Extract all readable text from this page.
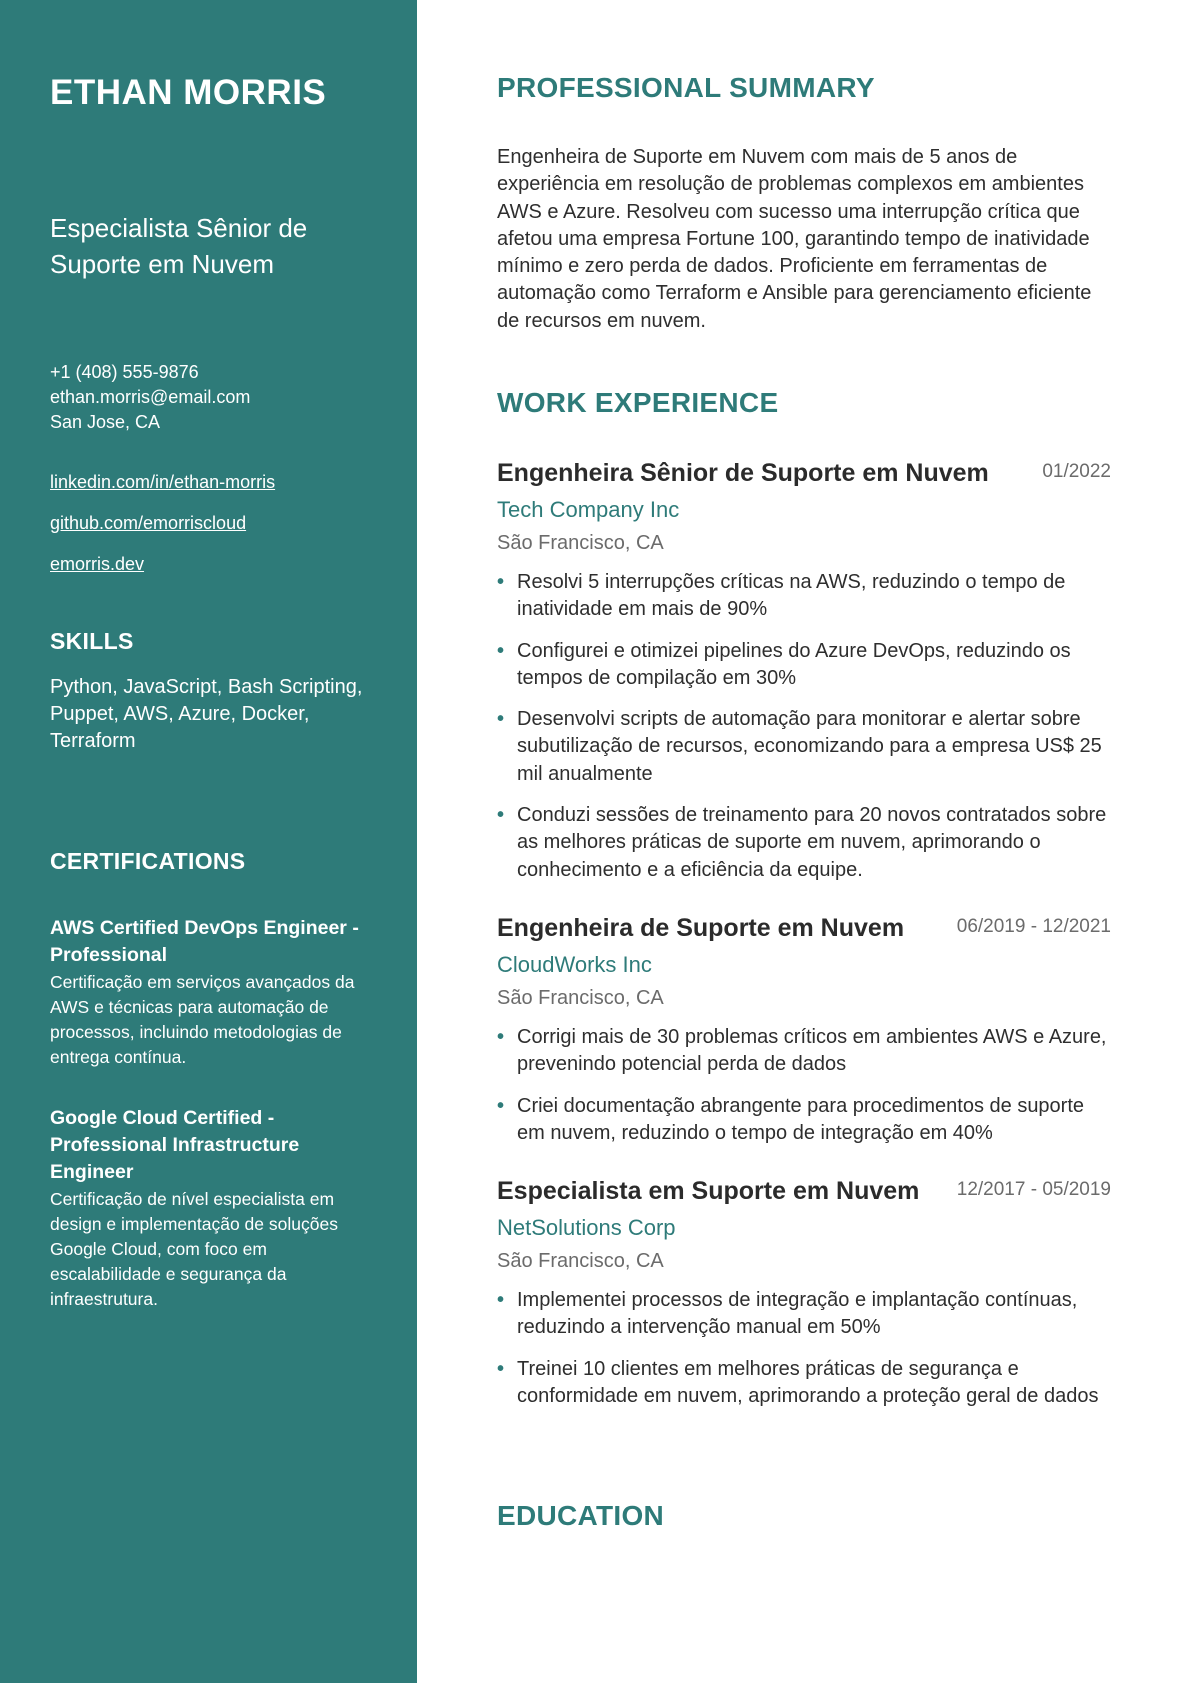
ETHAN MORRIS
Especialista Sênior de Suporte em Nuvem
+1 (408) 555-9876
ethan.morris@email.com
San Jose, CA
linkedin.com/in/ethan-morris
github.com/emorriscloud
emorris.dev
SKILLS
Python, JavaScript, Bash Scripting, Puppet, AWS, Azure, Docker, Terraform
CERTIFICATIONS
AWS Certified DevOps Engineer - Professional
Certificação em serviços avançados da AWS e técnicas para automação de processos, incluindo metodologias de entrega contínua.
Google Cloud Certified - Professional Infrastructure Engineer
Certificação de nível especialista em design e implementação de soluções Google Cloud, com foco em escalabilidade e segurança da infraestrutura.
PROFESSIONAL SUMMARY
Engenheira de Suporte em Nuvem com mais de 5 anos de experiência em resolução de problemas complexos em ambientes AWS e Azure. Resolveu com sucesso uma interrupção crítica que afetou uma empresa Fortune 100, garantindo tempo de inatividade mínimo e zero perda de dados. Proficiente em ferramentas de automação como Terraform e Ansible para gerenciamento eficiente de recursos em nuvem.
WORK EXPERIENCE
Engenheira Sênior de Suporte em Nuvem	01/2022
Tech Company Inc
São Francisco, CA
• Resolvi 5 interrupções críticas na AWS, reduzindo o tempo de inatividade em mais de 90%
• Configurei e otimizei pipelines do Azure DevOps, reduzindo os tempos de compilação em 30%
• Desenvolvi scripts de automação para monitorar e alertar sobre subutilização de recursos, economizando para a empresa US$ 25 mil anualmente
• Conduzi sessões de treinamento para 20 novos contratados sobre as melhores práticas de suporte em nuvem, aprimorando o conhecimento e a eficiência da equipe.
Engenheira de Suporte em Nuvem	06/2019 - 12/2021
CloudWorks Inc
São Francisco, CA
• Corrigi mais de 30 problemas críticos em ambientes AWS e Azure, prevenindo potencial perda de dados
• Criei documentação abrangente para procedimentos de suporte em nuvem, reduzindo o tempo de integração em 40%
Especialista em Suporte em Nuvem 12/2017 - 05/2019
NetSolutions Corp
São Francisco, CA
• Implementei processos de integração e implantação contínuas, reduzindo a intervenção manual em 50%
• Treinei 10 clientes em melhores práticas de segurança e conformidade em nuvem, aprimorando a proteção geral de dados
EDUCATION
